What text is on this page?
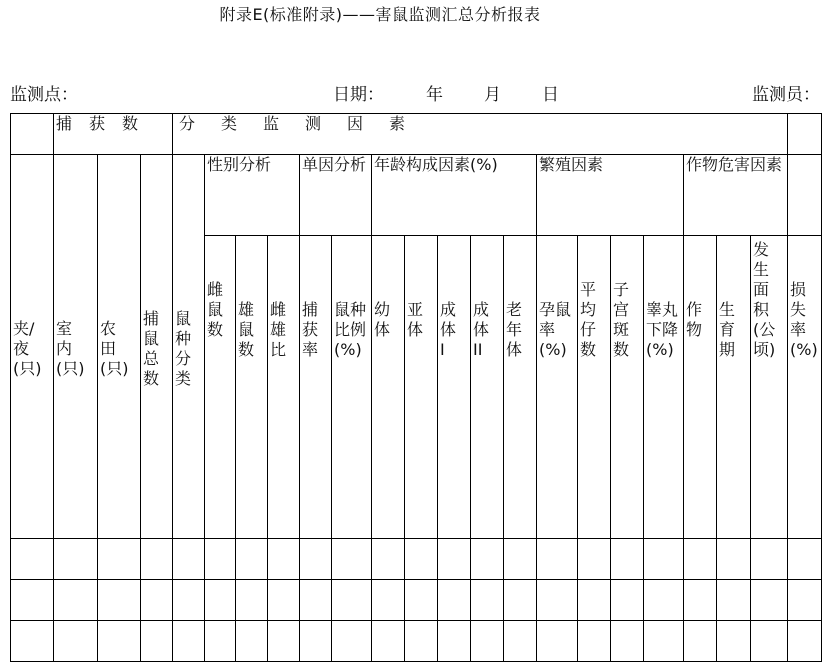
附录E(标准附录)——害鼠监测汇总分析报表
监测点：	日期： 年 月 日	监测员：
	捕获数			分类监测因素																		

夹/夜(只)	室内(只)	农田(只)	捕鼠总数	鼠种分类	性别分析			单因分析		年龄构成因素(%)					繁殖因素				作物危害因素			

					雌鼠数	雄鼠数	雌雄比	捕获率	鼠种比例(%)	幼体	亚体	成体I	成体II	老年体	孕鼠率(%)	平均仔数	子宫斑数	睾丸下降(%)	作物	生育期	发生面积(公顷)	损失率(%)
